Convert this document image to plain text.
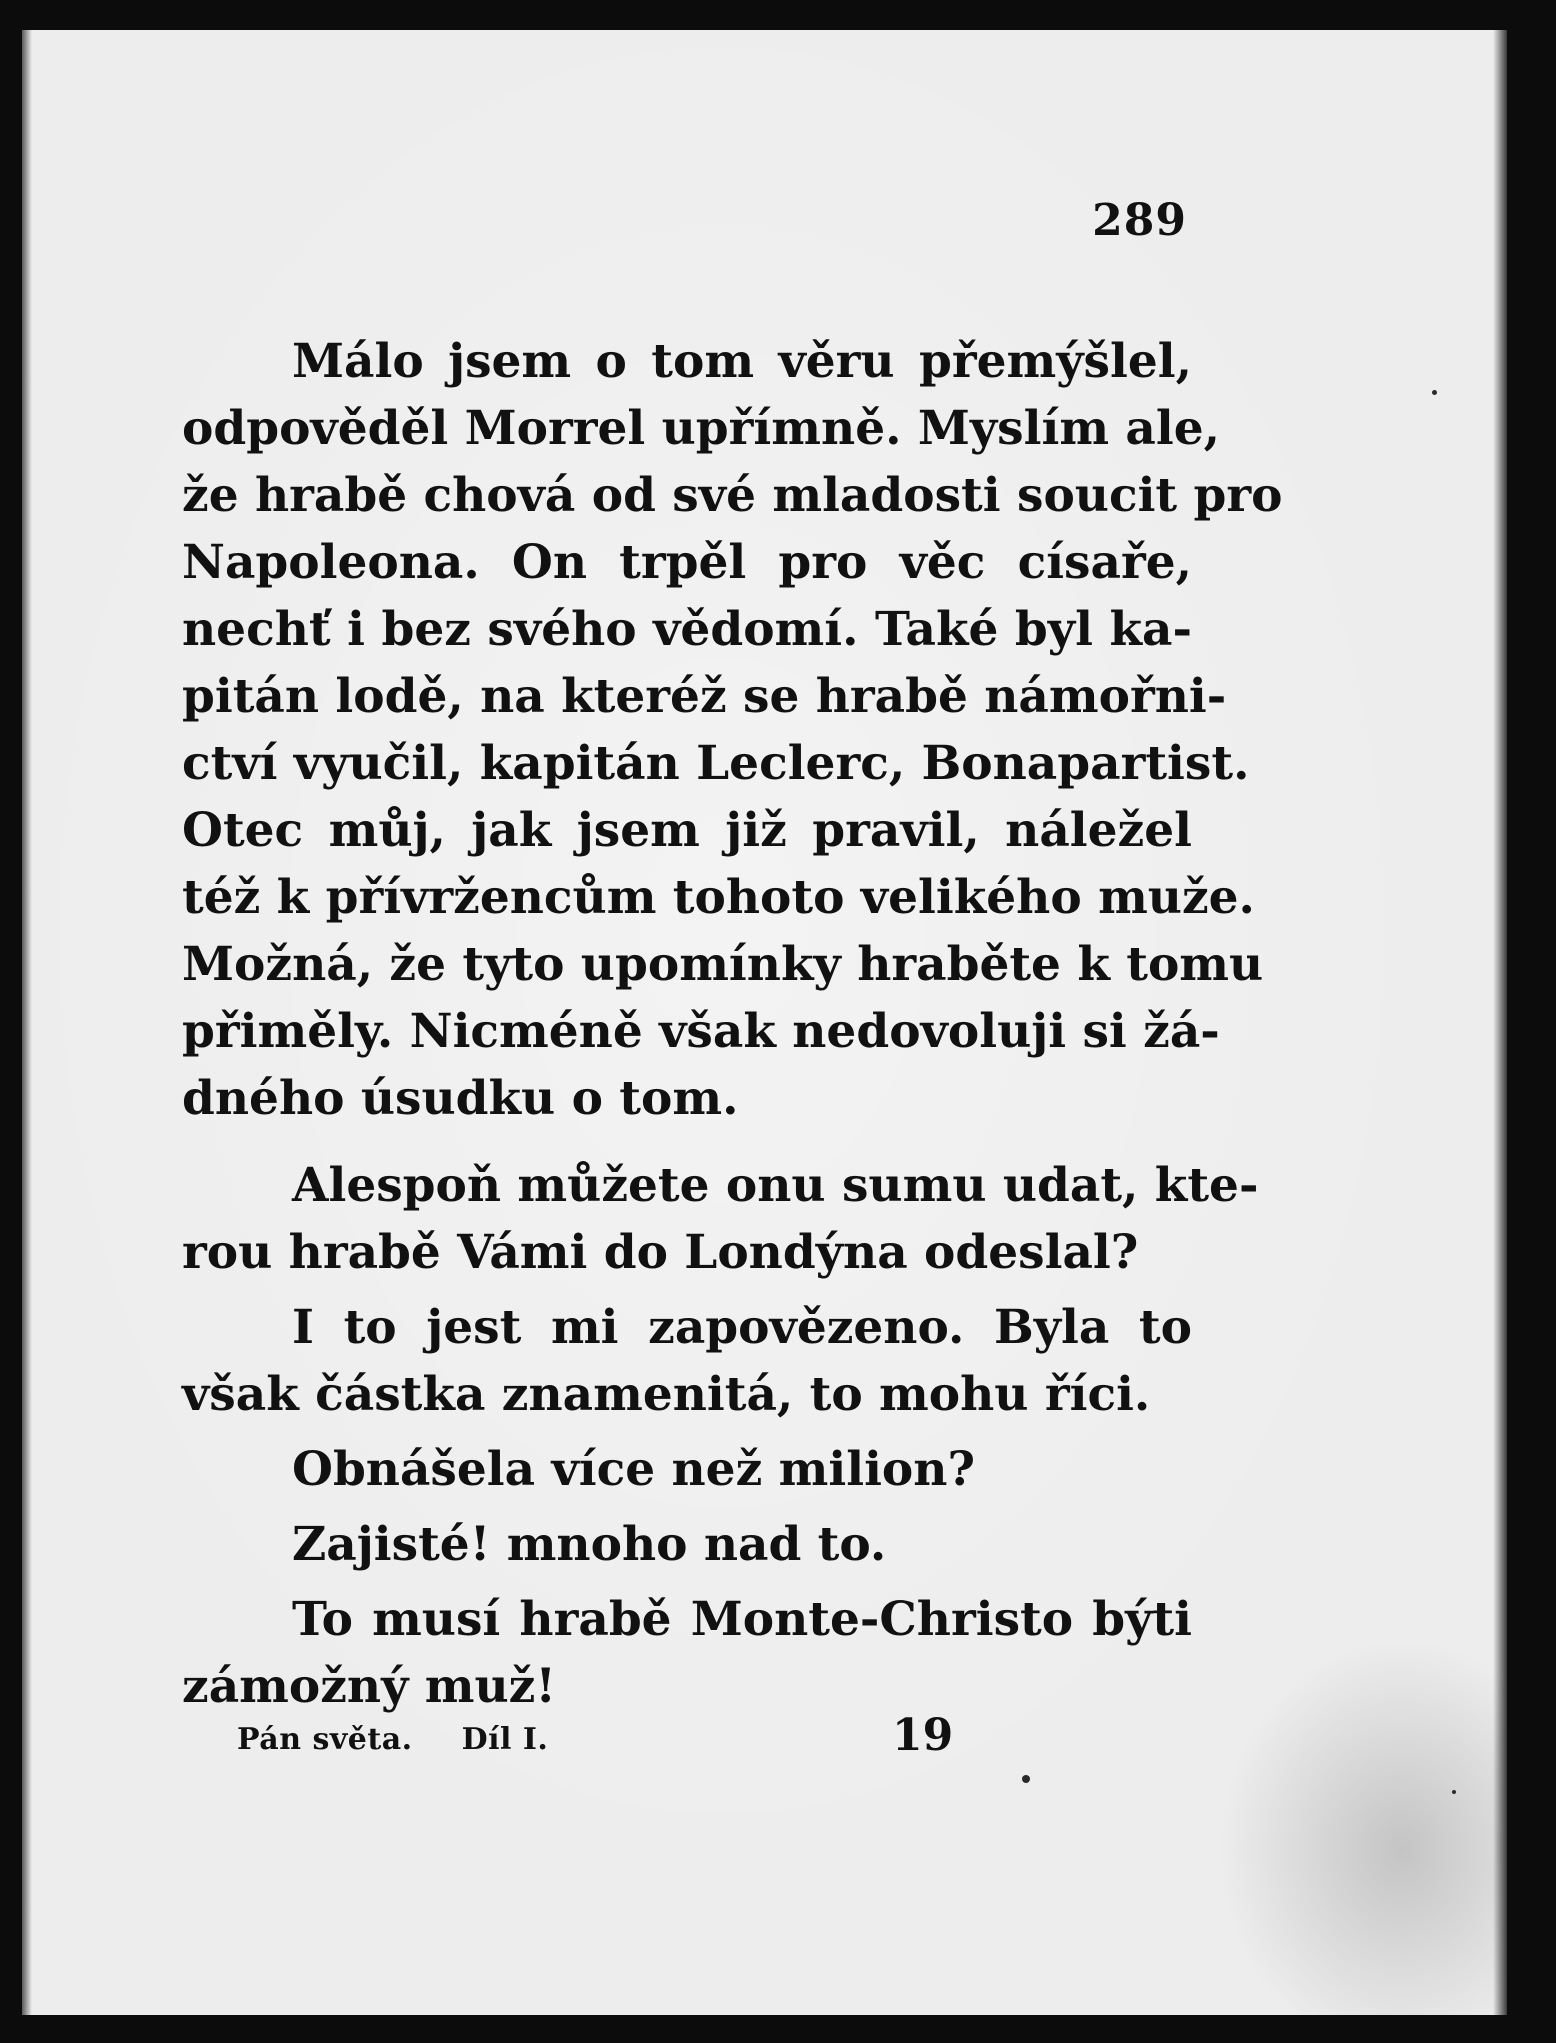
289

Málo jsem o tom věru přemýšlel,
odpověděl Morrel upřímně. Myslím ale,
že hrabě chová od své mladosti soucit pro
Napoleona. On trpěl pro věc císaře,
nechť i bez svého vědomí. Také byl ka-
pitán lodě, na kteréž se hrabě námořni-
ctví vyučil, kapitán Leclerc, Bonapartist.
Otec můj, jak jsem již pravil, náležel
též k přívržencům tohoto velikého muže.
Možná, že tyto upomínky hraběte k tomu
přiměly. Nicméně však nedovoluji si žá-
dného úsudku o tom.

Alespoň můžete onu sumu udat, kte-
rou hrabě Vámi do Londýna odeslal?

I to jest mi zapovězeno. Byla to
však částka znamenitá, to mohu říci.

Obnášela více než milion?

Zajisté! mnoho nad to.

To musí hrabě Monte-Christo býti
zámožný muž!

Pán světa. Díl I.	19
